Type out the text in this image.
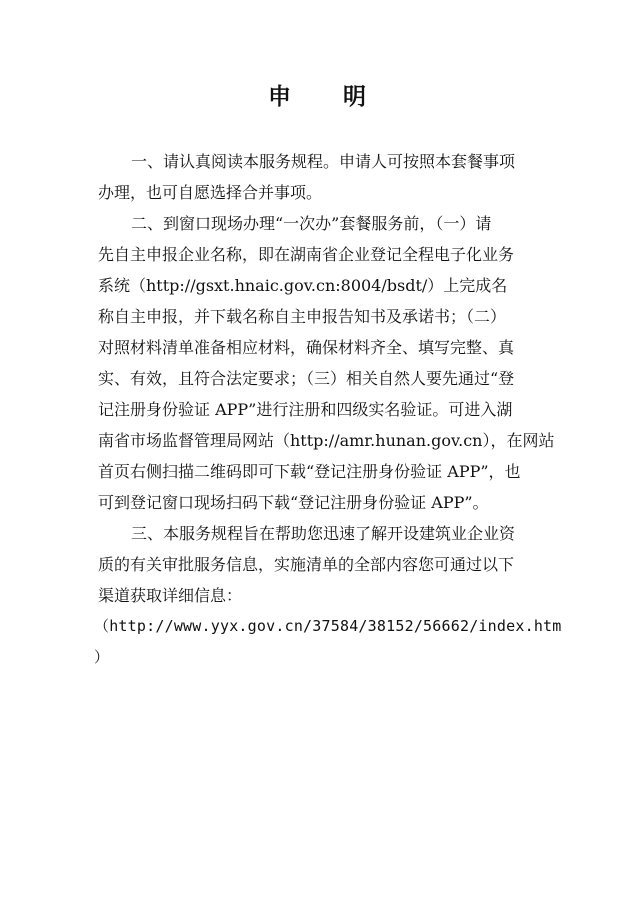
申 明
一、请认真阅读本服务规程。申请人可按照本套餐事项
办理，也可自愿选择合并事项。
二、到窗口现场办理“一次办”套餐服务前，（一）请
先自主申报企业名称，即在湖南省企业登记全程电子化业务
系统（http://gsxt.hnaic.gov.cn:8004/bsdt/）上完成名
称自主申报，并下载名称自主申报告知书及承诺书；（二）
对照材料清单准备相应材料，确保材料齐全、填写完整、真
实、有效，且符合法定要求；（三）相关自然人要先通过“登
记注册身份验证 APP”进行注册和四级实名验证。可进入湖
南省市场监督管理局网站（http://amr.hunan.gov.cn），在网站
首页右侧扫描二维码即可下载“登记注册身份验证 APP”，也
可到登记窗口现场扫码下载“登记注册身份验证 APP”。
三、本服务规程旨在帮助您迅速了解开设建筑业企业资
质的有关审批服务信息，实施清单的全部内容您可通过以下
渠道获取详细信息：
（http://www.yyx.gov.cn/37584/38152/56662/index.htm
）
